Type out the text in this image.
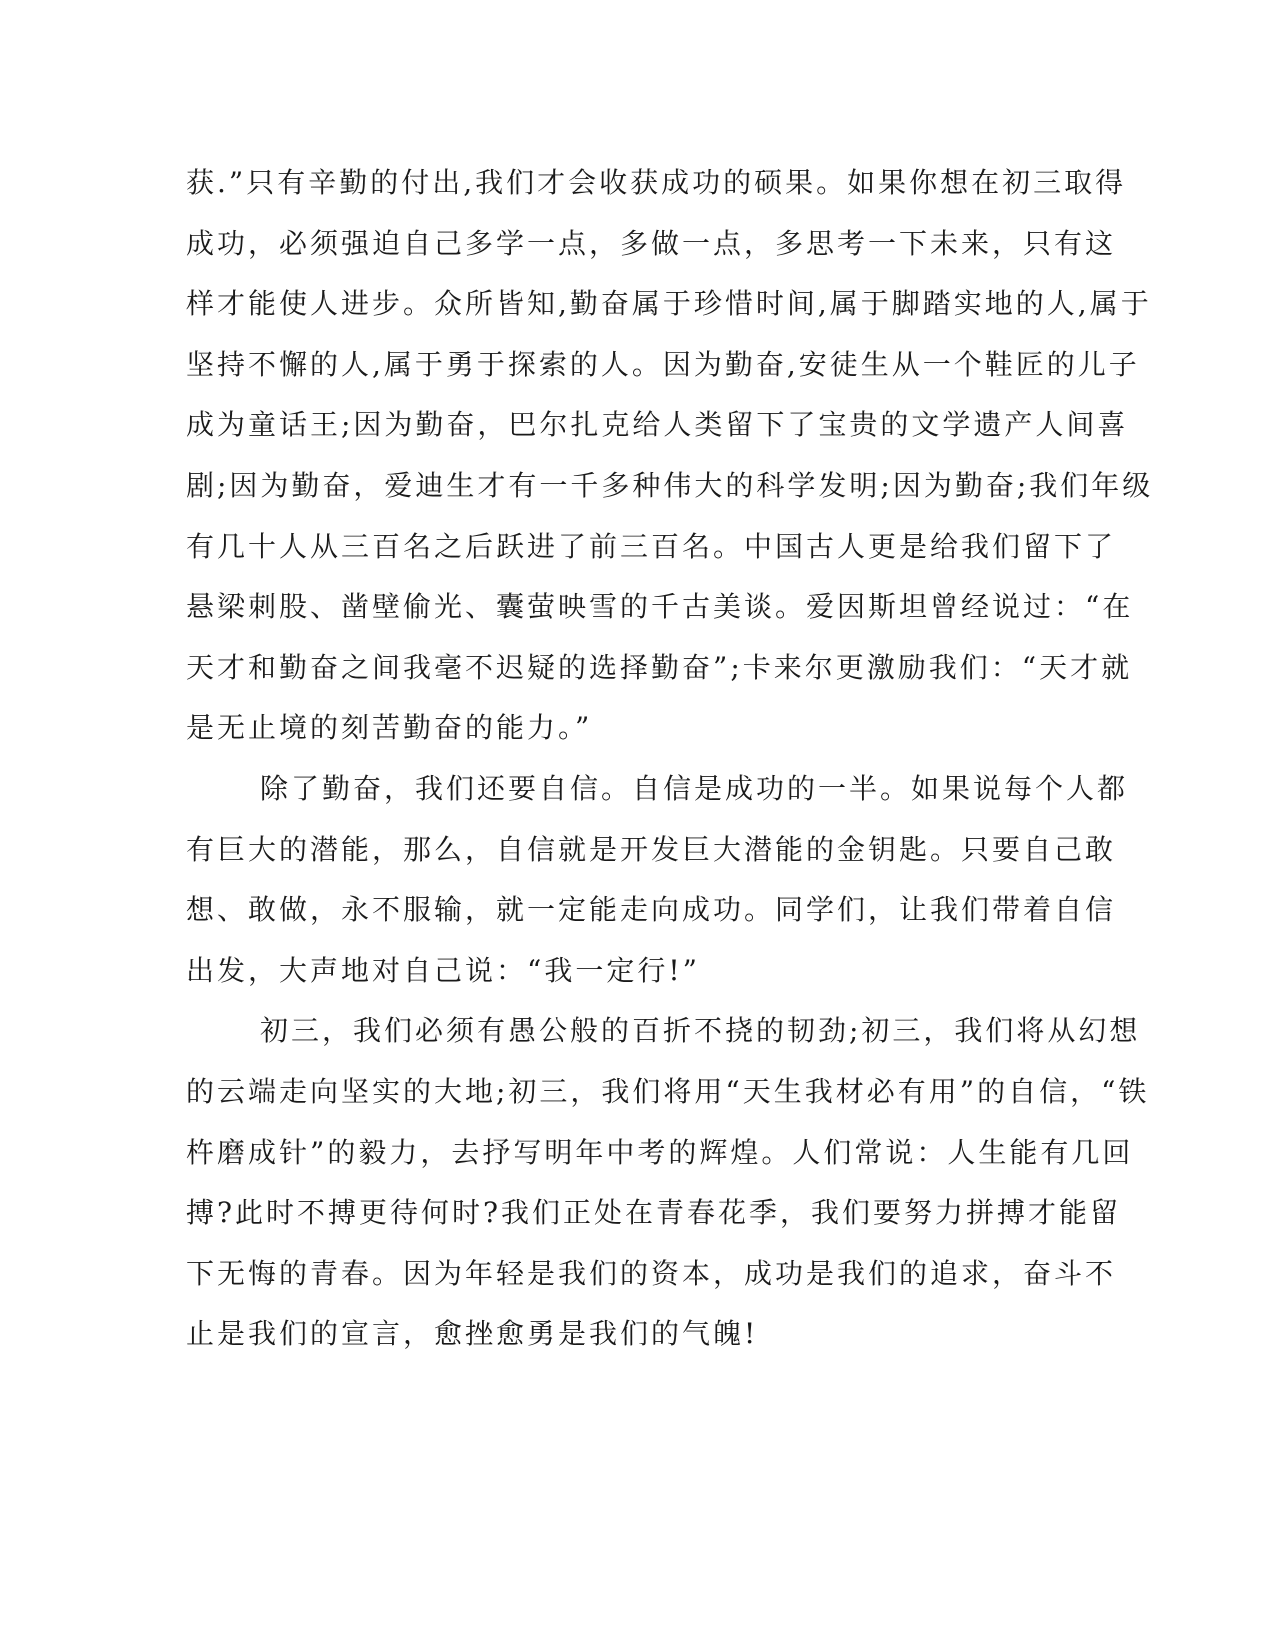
获.”只有辛勤的付出,我们才会收获成功的硕果。如果你想在初三取得
成功，必须强迫自己多学一点，多做一点，多思考一下未来，只有这
样才能使人进步。众所皆知,勤奋属于珍惜时间,属于脚踏实地的人,属于
坚持不懈的人,属于勇于探索的人。因为勤奋,安徒生从一个鞋匠的儿子
成为童话王;因为勤奋，巴尔扎克给人类留下了宝贵的文学遗产人间喜
剧;因为勤奋，爱迪生才有一千多种伟大的科学发明;因为勤奋;我们年级
有几十人从三百名之后跃进了前三百名。中国古人更是给我们留下了
悬梁刺股、凿壁偷光、囊萤映雪的千古美谈。爱因斯坦曾经说过：“在
天才和勤奋之间我毫不迟疑的选择勤奋”;卡来尔更激励我们：“天才就
是无止境的刻苦勤奋的能力。”
除了勤奋，我们还要自信。自信是成功的一半。如果说每个人都
有巨大的潜能，那么，自信就是开发巨大潜能的金钥匙。只要自己敢
想、敢做，永不服输，就一定能走向成功。同学们，让我们带着自信
出发，大声地对自己说：“我一定行!”
初三，我们必须有愚公般的百折不挠的韧劲;初三，我们将从幻想
的云端走向坚实的大地;初三，我们将用“天生我材必有用”的自信，“铁
杵磨成针”的毅力，去抒写明年中考的辉煌。人们常说：人生能有几回
搏?此时不搏更待何时?我们正处在青春花季，我们要努力拼搏才能留
下无悔的青春。因为年轻是我们的资本，成功是我们的追求，奋斗不
止是我们的宣言，愈挫愈勇是我们的气魄!
